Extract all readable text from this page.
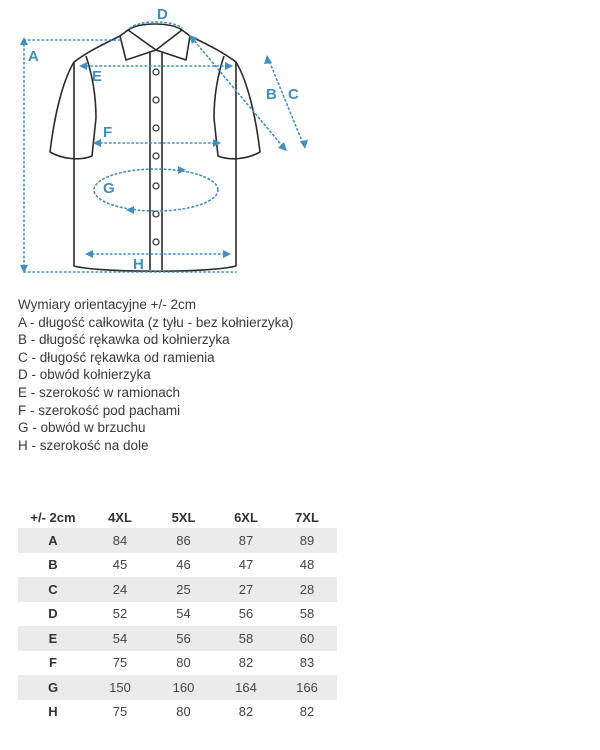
A
D
E
B C
F
G
H
Wymiary orientacyjne +/- 2cm
A - długość całkowita (z tyłu - bez kołnierzyka)
B - długość rękawka od kołnierzyka
C - długość rękawka od ramienia
D - obwód kołnierzyka
E - szerokość w ramionach
F - szerokość pod pachami
G - obwód w brzuchu
H - szerokość na dole
+/- 2cm	4XL	5XL	6XL	7XL
A	84	86	87	89
B	45	46	47	48
C	24	25	27	28
D	52	54	56	58
E	54	56	58	60
F	75	80	82	83
G	150	160	164	166
H	75	80	82	82
